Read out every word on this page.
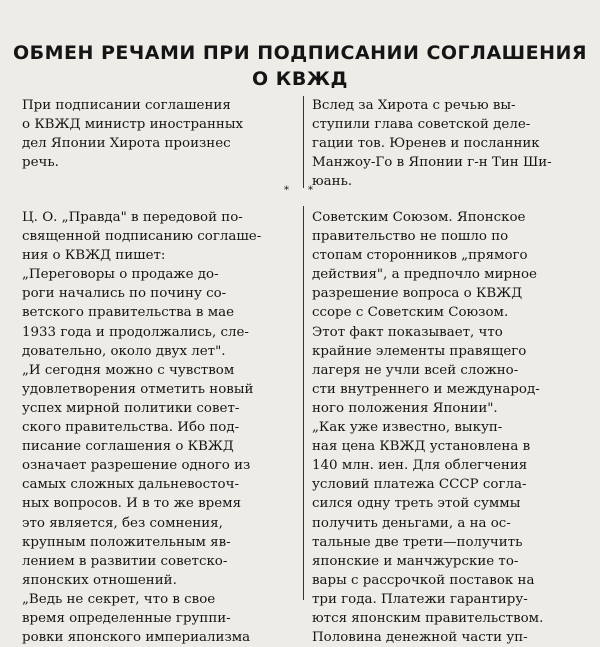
ОБМЕН РЕЧАМИ ПРИ ПОДПИСАНИИ СОГЛАШЕНИЯ
О КВЖД
При подписании соглашения
о КВЖД министр иностранных
дел Японии Хирота произнес
речь.
Вслед за Хирота с речью вы-
ступили глава советской деле-
гации тов. Юренев и посланник
Манжоу-Го в Японии г-н Тин Ши-
юань.
* *
Ц. О. „Правда" в передовой по-
священной подписанию соглаше-
ния о КВЖД пишет:
„Переговоры о продаже до-
роги начались по почину со-
ветского правительства в мае
1933 года и продолжались, сле-
довательно, около двух лет".
„И сегодня можно с чувством
удовлетворения отметить новый
успех мирной политики совет-
ского правительства. Ибо под-
писание соглашения о КВЖД
означает разрешение одного из
самых сложных дальневосточ-
ных вопросов. И в то же время
это является, без сомнения,
крупным положительным яв-
лением в развитии советско-
японских отношений.
„Ведь не секрет, что в свое
время определенные группи-
ровки японского империализма
Советским Союзом. Японское
правительство не пошло по
стопам сторонников „прямого
действия", а предпочло мирное
разрешение вопроса о КВЖД
ссоре с Советским Союзом.
Этот факт показывает, что
крайние элементы правящего
лагеря не учли всей сложно-
сти внутреннего и международ-
ного положения Японии".
„Как уже известно, выкуп-
ная цена КВЖД установлена в
140 млн. иен. Для облегчения
условий платежа СССР согла-
сился одну треть этой суммы
получить деньгами, а на ос-
тальные две трети—получить
японские и манчжурские то-
вары с рассрочкой поставок на
три года. Платежи гарантиру-
ются японским правительством.
Половина денежной части уп-
